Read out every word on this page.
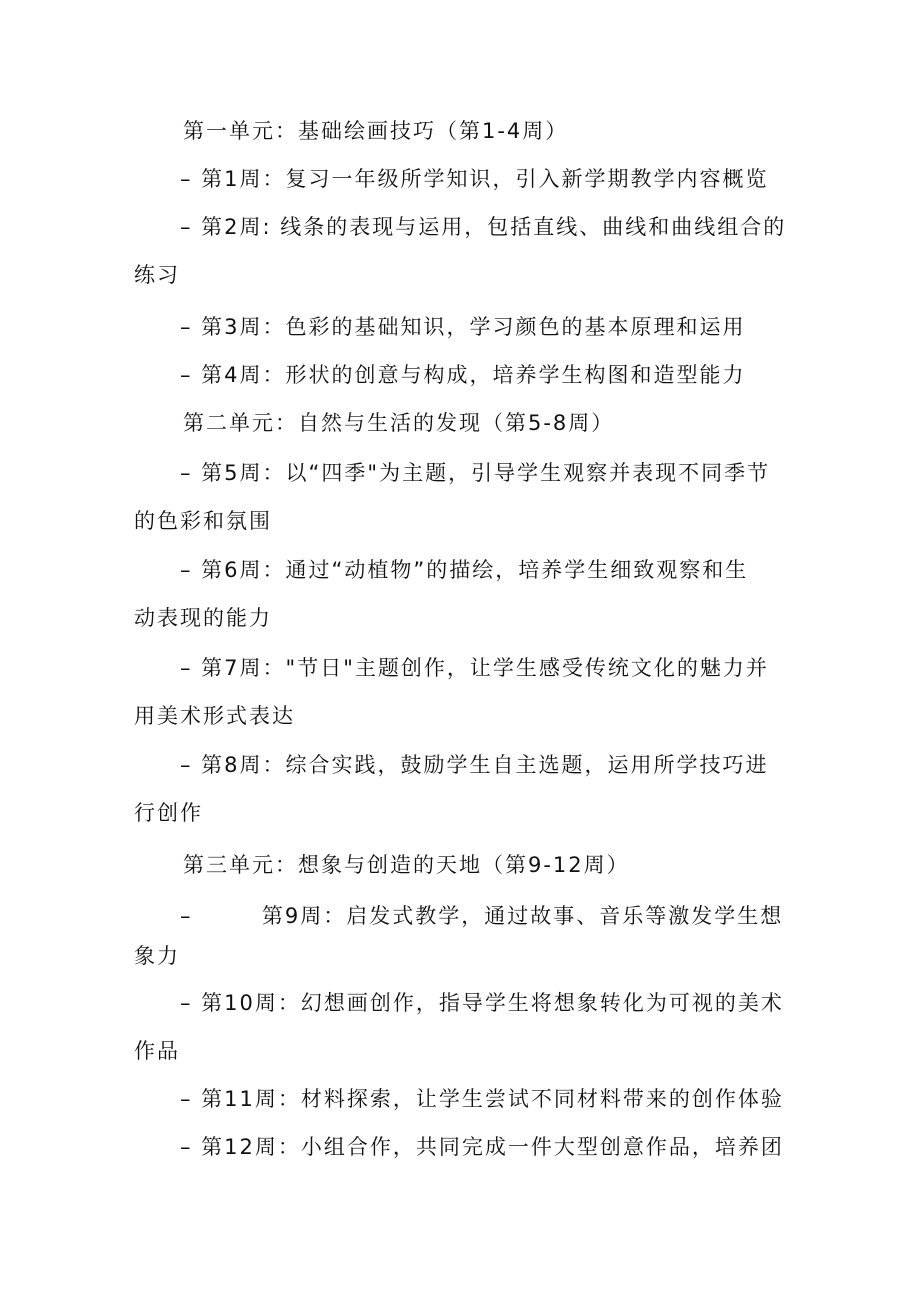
第一单元：基础绘画技巧（第1-4周）
– 第1周：复习一年级所学知识，引入新学期教学内容概览
– 第2周: 线条的表现与运用，包括直线、曲线和曲线组合的
练习
– 第3周：色彩的基础知识，学习颜色的基本原理和运用
– 第4周：形状的创意与构成，培养学生构图和造型能力
第二单元：自然与生活的发现（第5-8周）
– 第5周：以“四季"为主题，引导学生观察并表现不同季节
的色彩和氛围
– 第6周：通过“动植物”的描绘，培养学生细致观察和生
动表现的能力
– 第7周："节日"主题创作，让学生感受传统文化的魅力并
用美术形式表达
– 第8周：综合实践，鼓励学生自主选题，运用所学技巧进
行创作
第三单元：想象与创造的天地（第9-12周）
–        第9周：启发式教学，通过故事、音乐等激发学生想
象力
– 第10周：幻想画创作，指导学生将想象转化为可视的美术
作品
– 第11周：材料探索，让学生尝试不同材料带来的创作体验
– 第12周：小组合作，共同完成一件大型创意作品，培养团
